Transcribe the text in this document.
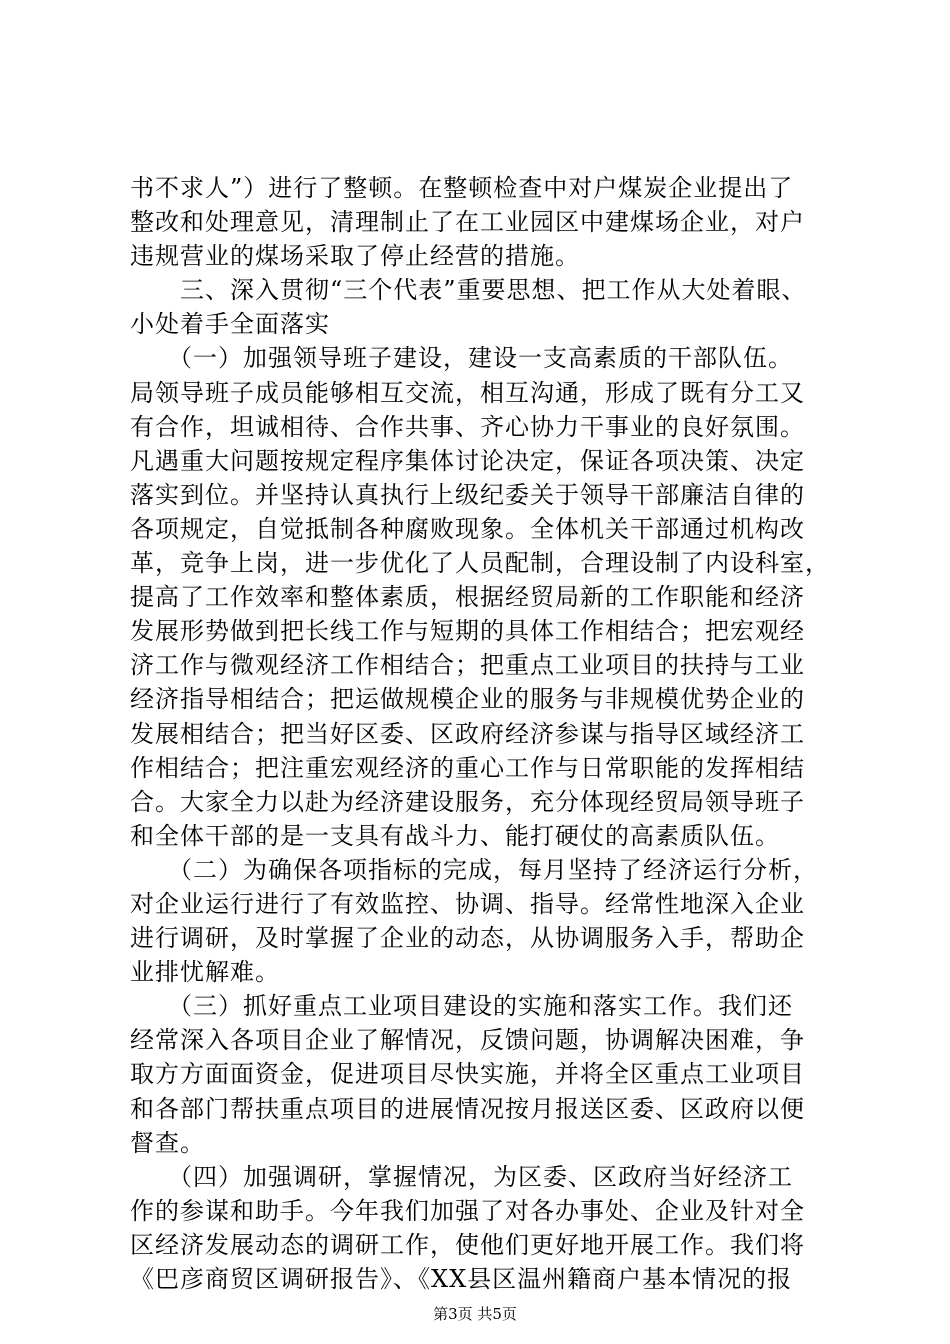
书不求人”）进行了整顿。在整顿检查中对户煤炭企业提出了
整改和处理意见，清理制止了在工业园区中建煤场企业，对户
违规营业的煤场采取了停止经营的措施。
　　三、深入贯彻“三个代表”重要思想、把工作从大处着眼、
小处着手全面落实
　　（一）加强领导班子建设，建设一支高素质的干部队伍。
局领导班子成员能够相互交流，相互沟通，形成了既有分工又
有合作，坦诚相待、合作共事、齐心协力干事业的良好氛围。
凡遇重大问题按规定程序集体讨论决定，保证各项决策、决定
落实到位。并坚持认真执行上级纪委关于领导干部廉洁自律的
各项规定，自觉抵制各种腐败现象。全体机关干部通过机构改
革，竞争上岗，进一步优化了人员配制，合理设制了内设科室，
提高了工作效率和整体素质，根据经贸局新的工作职能和经济
发展形势做到把长线工作与短期的具体工作相结合；把宏观经
济工作与微观经济工作相结合；把重点工业项目的扶持与工业
经济指导相结合；把运做规模企业的服务与非规模优势企业的
发展相结合；把当好区委、区政府经济参谋与指导区域经济工
作相结合；把注重宏观经济的重心工作与日常职能的发挥相结
合。大家全力以赴为经济建设服务，充分体现经贸局领导班子
和全体干部的是一支具有战斗力、能打硬仗的高素质队伍。
　　（二）为确保各项指标的完成，每月坚持了经济运行分析，
对企业运行进行了有效监控、协调、指导。经常性地深入企业
进行调研，及时掌握了企业的动态，从协调服务入手，帮助企
业排忧解难。
　　（三）抓好重点工业项目建设的实施和落实工作。我们还
经常深入各项目企业了解情况，反馈问题，协调解决困难，争
取方方面面资金，促进项目尽快实施，并将全区重点工业项目
和各部门帮扶重点项目的进展情况按月报送区委、区政府以便
督查。
　　（四）加强调研，掌握情况，为区委、区政府当好经济工
作的参谋和助手。今年我们加强了对各办事处、企业及针对全
区经济发展动态的调研工作，使他们更好地开展工作。我们将
《巴彦商贸区调研报告》、《XX县区温州籍商户基本情况的报
第3页 共5页
